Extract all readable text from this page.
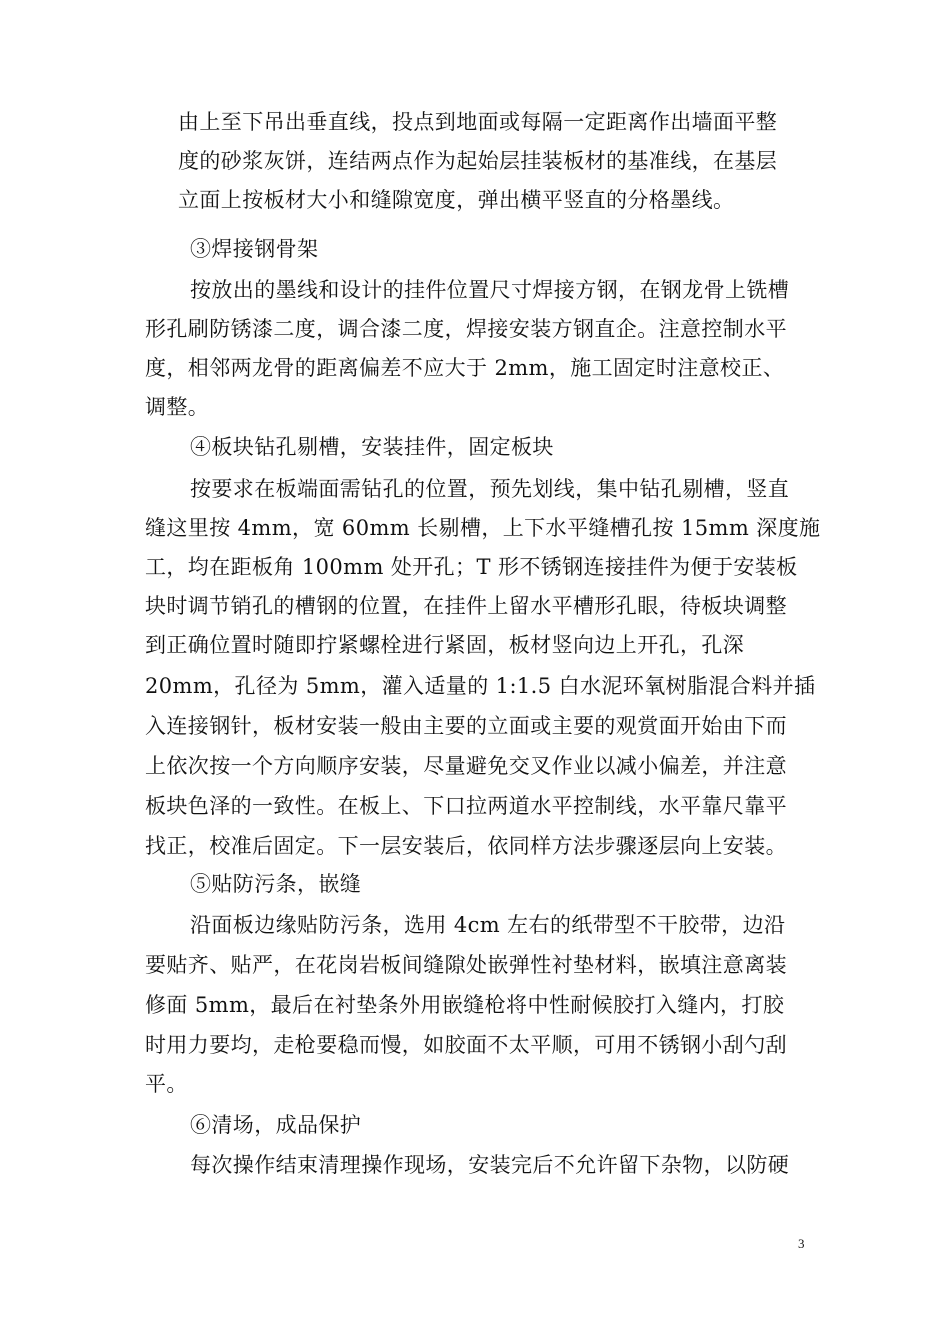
由上至下吊出垂直线，投点到地面或每隔一定距离作出墙面平整
度的砂浆灰饼，连结两点作为起始层挂装板材的基准线，在基层
立面上按板材大小和缝隙宽度，弹出横平竖直的分格墨线。
③焊接钢骨架
按放出的墨线和设计的挂件位置尺寸焊接方钢，在钢龙骨上铣槽
形孔刷防锈漆二度，调合漆二度，焊接安装方钢直企。注意控制水平
度，相邻两龙骨的距离偏差不应大于 2mm，施工固定时注意校正、
调整。
④板块钻孔剔槽，安装挂件，固定板块
按要求在板端面需钻孔的位置，预先划线，集中钻孔剔槽，竖直
缝这里按 4mm，宽 60mm 长剔槽，上下水平缝槽孔按 15mm 深度施
工，均在距板角 100mm 处开孔；T 形不锈钢连接挂件为便于安装板
块时调节销孔的槽钢的位置，在挂件上留水平槽形孔眼，待板块调整
到正确位置时随即拧紧螺栓进行紧固，板材竖向边上开孔，孔深
20mm，孔径为 5mm，灌入适量的 1:1.5 白水泥环氧树脂混合料并插
入连接钢针，板材安装一般由主要的立面或主要的观赏面开始由下而
上依次按一个方向顺序安装，尽量避免交叉作业以减小偏差，并注意
板块色泽的一致性。在板上、下口拉两道水平控制线，水平靠尺靠平
找正，校准后固定。下一层安装后，依同样方法步骤逐层向上安装。
⑤贴防污条，嵌缝
沿面板边缘贴防污条，选用 4cm 左右的纸带型不干胶带，边沿
要贴齐、贴严，在花岗岩板间缝隙处嵌弹性衬垫材料，嵌填注意离装
修面 5mm，最后在衬垫条外用嵌缝枪将中性耐候胶打入缝内，打胶
时用力要均，走枪要稳而慢，如胶面不太平顺，可用不锈钢小刮勺刮
平。
⑥清场，成品保护
每次操作结束清理操作现场，安装完后不允许留下杂物，以防硬
3
